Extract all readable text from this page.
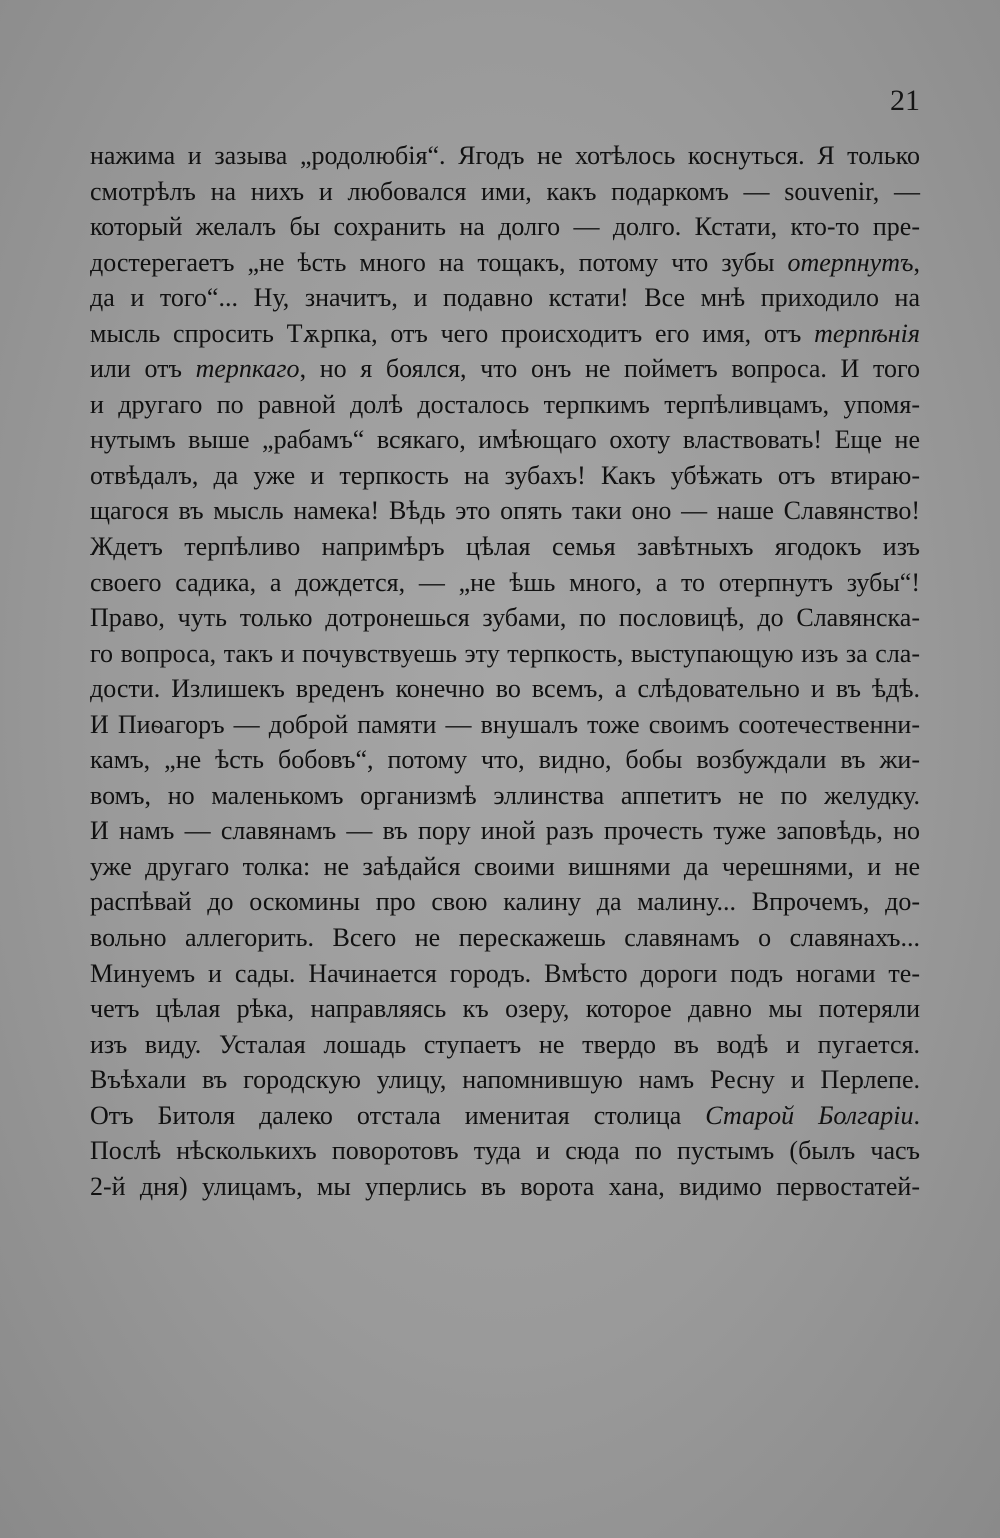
21
нажима и зазыва „родолюбія“. Ягодъ не хотѣлось коснуться. Я только
смотрѣлъ на нихъ и любовался ими, какъ подаркомъ — souvenir, —
который желалъ бы сохранить на долго — долго. Кстати, кто-то пре-
достерегаетъ „не ѣсть много на тощакъ, потому что зубы отерпнутъ,
да и того“... Ну, значитъ, и подавно кстати! Все мнѣ приходило на
мысль спросить Тѫрпка, отъ чего происходитъ его имя, отъ терпѣнія
или отъ терпкаго, но я боялся, что онъ не пойметъ вопроса. И того
и другаго по равной долѣ досталось терпкимъ терпѣливцамъ, упомя-
нутымъ выше „рабамъ“ всякаго, имѣющаго охоту властвовать! Еще не
отвѣдалъ, да уже и терпкость на зубахъ! Какъ убѣжать отъ втираю-
щагося въ мысль намека! Вѣдь это опять таки оно — наше Славянство!
Ждетъ терпѣливо напримѣръ цѣлая семья завѣтныхъ ягодокъ изъ
своего садика, а дождется, — „не ѣшь много, а то отерпнутъ зубы“!
Право, чуть только дотронешься зубами, по пословицѣ, до Славянска-
го вопроса, такъ и почувствуешь эту терпкость, выступающую изъ за сла-
дости. Излишекъ вреденъ конечно во всемъ, а слѣдовательно и въ ѣдѣ.
И Пиѳагоръ — доброй памяти — внушалъ тоже своимъ соотечественни-
камъ, „не ѣсть бобовъ“, потому что, видно, бобы возбуждали въ жи-
вомъ, но маленькомъ организмѣ эллинства аппетитъ не по желудку.
И намъ — славянамъ — въ пору иной разъ прочесть туже заповѣдь, но
уже другаго толка: не заѣдайся своими вишнями да черешнями, и не
распѣвай до оскомины про свою калину да малину... Впрочемъ, до-
вольно аллегорить. Всего не перескажешь славянамъ о славянахъ...
Минуемъ и сады. Начинается городъ. Вмѣсто дороги подъ ногами те-
четъ цѣлая рѣка, направляясь къ озеру, которое давно мы потеряли
изъ виду. Усталая лошадь ступаетъ не твердо въ водѣ и пугается.
Въѣхали въ городскую улицу, напомнившую намъ Ресну и Перлепе.
Отъ Битоля далеко отстала именитая столица Старой Болгаріи.
Послѣ нѣсколькихъ поворотовъ туда и сюда по пустымъ (былъ часъ
2-й дня) улицамъ, мы уперлись въ ворота хана, видимо первостатей-
